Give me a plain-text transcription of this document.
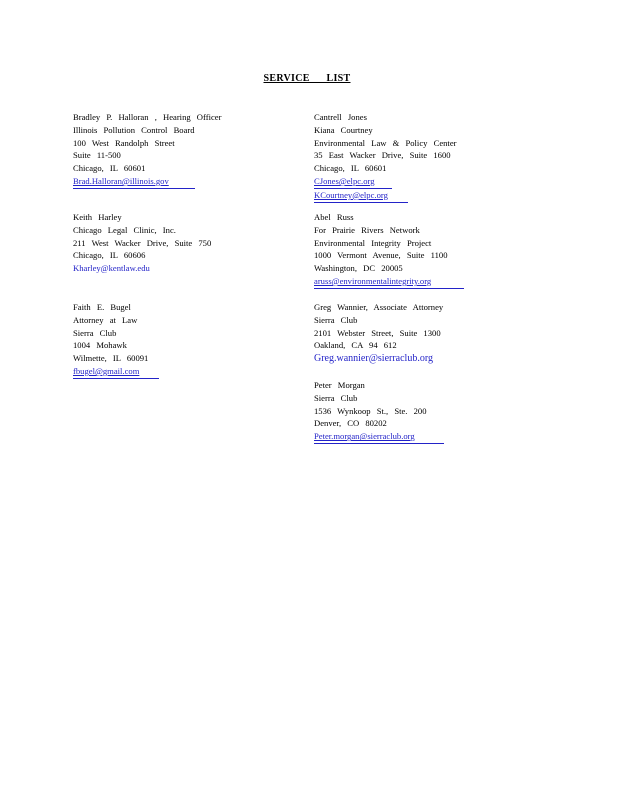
SERVICE LIST
Bradley P. Halloran , Hearing Officer
Illinois Pollution Control Board
100 West Randolph Street
Suite 11-500
Chicago, IL 60601
Brad.Halloran@illinois.gov
Cantrell Jones
Kiana Courtney
Environmental Law & Policy Center
35 East Wacker Drive, Suite 1600
Chicago, IL 60601
CJones@elpc.org
KCourtney@elpc.org
Keith Harley
Chicago Legal Clinic, Inc.
211 West Wacker Drive, Suite 750
Chicago, IL 60606
Kharley@kentlaw.edu
Abel Russ
For Prairie Rivers Network
Environmental Integrity Project
1000 Vermont Avenue, Suite 1100
Washington, DC 20005
aruss@environmentalintegrity.org
Faith E. Bugel
Attorney at Law
Sierra Club
1004 Mohawk
Wilmette, IL 60091
fbugel@gmail.com
Greg Wannier, Associate Attorney
Sierra Club
2101 Webster Street, Suite 1300
Oakland, CA 94 612
Greg.wannier@sierraclub.org
Peter Morgan
Sierra Club
1536 Wynkoop St., Ste. 200
Denver, CO 80202
Peter.morgan@sierraclub.org
